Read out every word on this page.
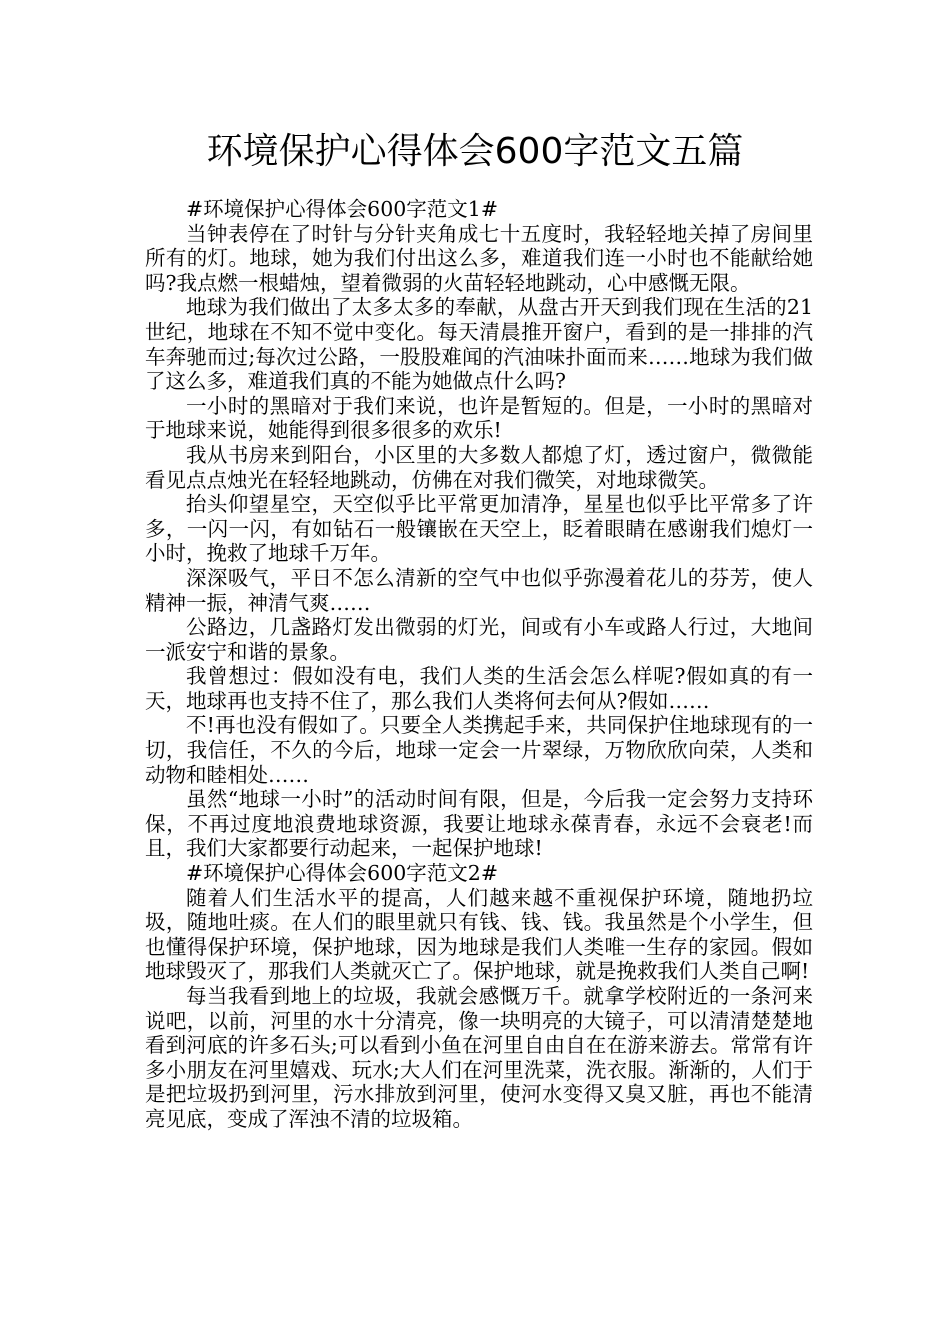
环境保护心得体会600字范文五篇

#环境保护心得体会600字范文1#

当钟表停在了时针与分针夹角成七十五度时，我轻轻地关掉了房间里所有的灯。地球，她为我们付出这么多，难道我们连一小时也不能献给她吗?我点燃一根蜡烛，望着微弱的火苗轻轻地跳动，心中感慨无限。

地球为我们做出了太多太多的奉献，从盘古开天到我们现在生活的21世纪，地球在不知不觉中变化。每天清晨推开窗户，看到的是一排排的汽车奔驰而过;每次过公路，一股股难闻的汽油味扑面而来……地球为我们做了这么多，难道我们真的不能为她做点什么吗?

一小时的黑暗对于我们来说，也许是暂短的。但是，一小时的黑暗对于地球来说，她能得到很多很多的欢乐!

我从书房来到阳台，小区里的大多数人都熄了灯，透过窗户，微微能看见点点烛光在轻轻地跳动，仿佛在对我们微笑，对地球微笑。

抬头仰望星空，天空似乎比平常更加清净，星星也似乎比平常多了许多，一闪一闪，有如钻石一般镶嵌在天空上，眨着眼睛在感谢我们熄灯一小时，挽救了地球千万年。

深深吸气，平日不怎么清新的空气中也似乎弥漫着花儿的芬芳，使人精神一振，神清气爽……

公路边，几盏路灯发出微弱的灯光，间或有小车或路人行过，大地间一派安宁和谐的景象。

我曾想过：假如没有电，我们人类的生活会怎么样呢?假如真的有一天，地球再也支持不住了，那么我们人类将何去何从?假如……

不!再也没有假如了。只要全人类携起手来，共同保护住地球现有的一切，我信任，不久的今后，地球一定会一片翠绿，万物欣欣向荣，人类和动物和睦相处……

虽然“地球一小时”的活动时间有限，但是，今后我一定会努力支持环保，不再过度地浪费地球资源，我要让地球永葆青春，永远不会衰老!而且，我们大家都要行动起来，一起保护地球!

#环境保护心得体会600字范文2#

随着人们生活水平的提高，人们越来越不重视保护环境，随地扔垃圾，随地吐痰。在人们的眼里就只有钱、钱、钱。我虽然是个小学生，但也懂得保护环境，保护地球，因为地球是我们人类唯一生存的家园。假如地球毁灭了，那我们人类就灭亡了。保护地球，就是挽救我们人类自己啊!

每当我看到地上的垃圾，我就会感慨万千。就拿学校附近的一条河来说吧，以前，河里的水十分清亮，像一块明亮的大镜子，可以清清楚楚地看到河底的许多石头;可以看到小鱼在河里自由自在在游来游去。常常有许多小朋友在河里嬉戏、玩水;大人们在河里洗菜，洗衣服。渐渐的，人们于是把垃圾扔到河里，污水排放到河里，使河水变得又臭又脏，再也不能清亮见底，变成了浑浊不清的垃圾箱。
